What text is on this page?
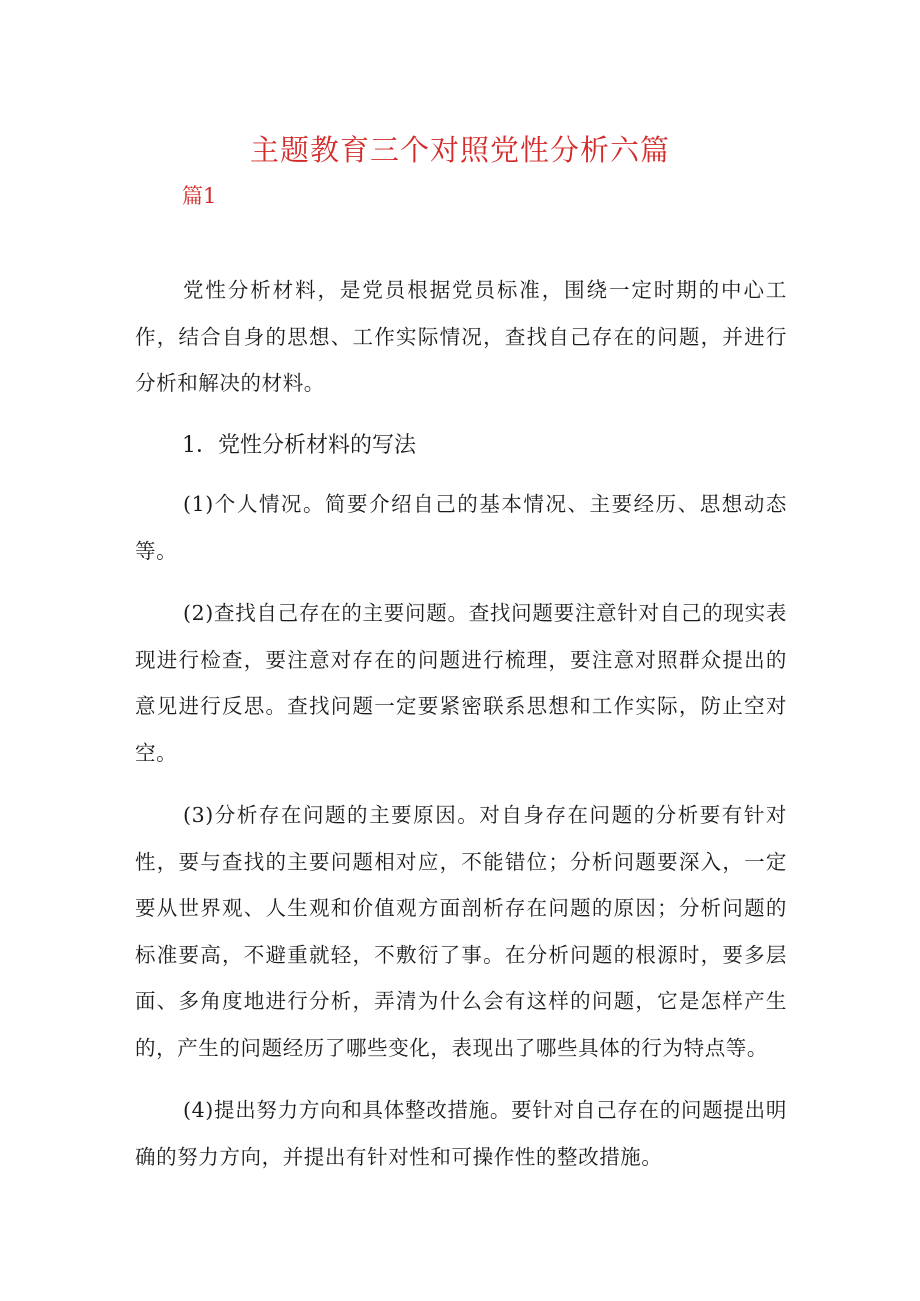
主题教育三个对照党性分析六篇

篇1

党性分析材料，是党员根据党员标准，围绕一定时期的中心工作，结合自身的思想、工作实际情况，查找自己存在的问题，并进行分析和解决的材料。

1．党性分析材料的写法

(1)个人情况。简要介绍自己的基本情况、主要经历、思想动态等。

(2)查找自己存在的主要问题。查找问题要注意针对自己的现实表现进行检查，要注意对存在的问题进行梳理，要注意对照群众提出的意见进行反思。查找问题一定要紧密联系思想和工作实际，防止空对空。

(3)分析存在问题的主要原因。对自身存在问题的分析要有针对性，要与查找的主要问题相对应，不能错位；分析问题要深入，一定要从世界观、人生观和价值观方面剖析存在问题的原因；分析问题的标准要高，不避重就轻，不敷衍了事。在分析问题的根源时，要多层面、多角度地进行分析，弄清为什么会有这样的问题，它是怎样产生的，产生的问题经历了哪些变化，表现出了哪些具体的行为特点等。

(4)提出努力方向和具体整改措施。要针对自己存在的问题提出明确的努力方向，并提出有针对性和可操作性的整改措施。
